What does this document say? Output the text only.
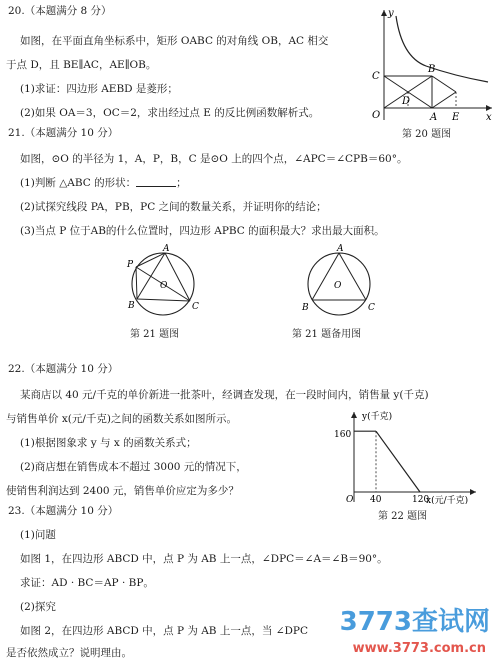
20.（本题满分 8 分）
如图，在平面直角坐标系中，矩形 OABC 的对角线 OB，AC 相交
于点 D，且 BE∥AC，AE∥OB。
(1)求证：四边形 AEBD 是菱形；
(2)如果 OA＝3，OC＝2，求出经过点 E 的反比例函数解析式。
y
x
O	A
B
C
D
E
第 20 题图
21.（本题满分 10 分）
如图，⊙O 的半径为 1，A，P，B，C 是⊙O 上的四个点，∠APC＝∠CPB＝60°。
(1)判断 △ABC 的形状：	；
(2)试探究线段 PA，PB，PC 之间的数量关系，并证明你的结论；
(3)当点 P 位于AB的什么位置时，四边形 APBC 的面积最大？求出最大面积。
A
P
B	C
O
第 21 题图
A
B	C
O
第 21 题备用图
22.（本题满分 10 分）
某商店以 40 元/千克的单价新进一批茶叶，经调查发现，在一段时间内，销售量 y(千克)
与销售单价 x(元/千克)之间的函数关系如图所示。
(1)根据图象求 y 与 x 的函数关系式；
(2)商店想在销售成本不超过 3000 元的情况下，
使销售利润达到 2400 元，销售单价应定为多少？
y(千克)
x(元/千克)
160
O 40	120
第 22 题图
23.（本题满分 10 分）
(1)问题
如图 1，在四边形 ABCD 中，点 P 为 AB 上一点，∠DPC＝∠A＝∠B＝90°。
求证：AD · BC＝AP · BP。
(2)探究
如图 2，在四边形 ABCD 中，点 P 为 AB 上一点，当 ∠DPC
是否依然成立？说明理由。
3773查试网
www.3773.com.cn
